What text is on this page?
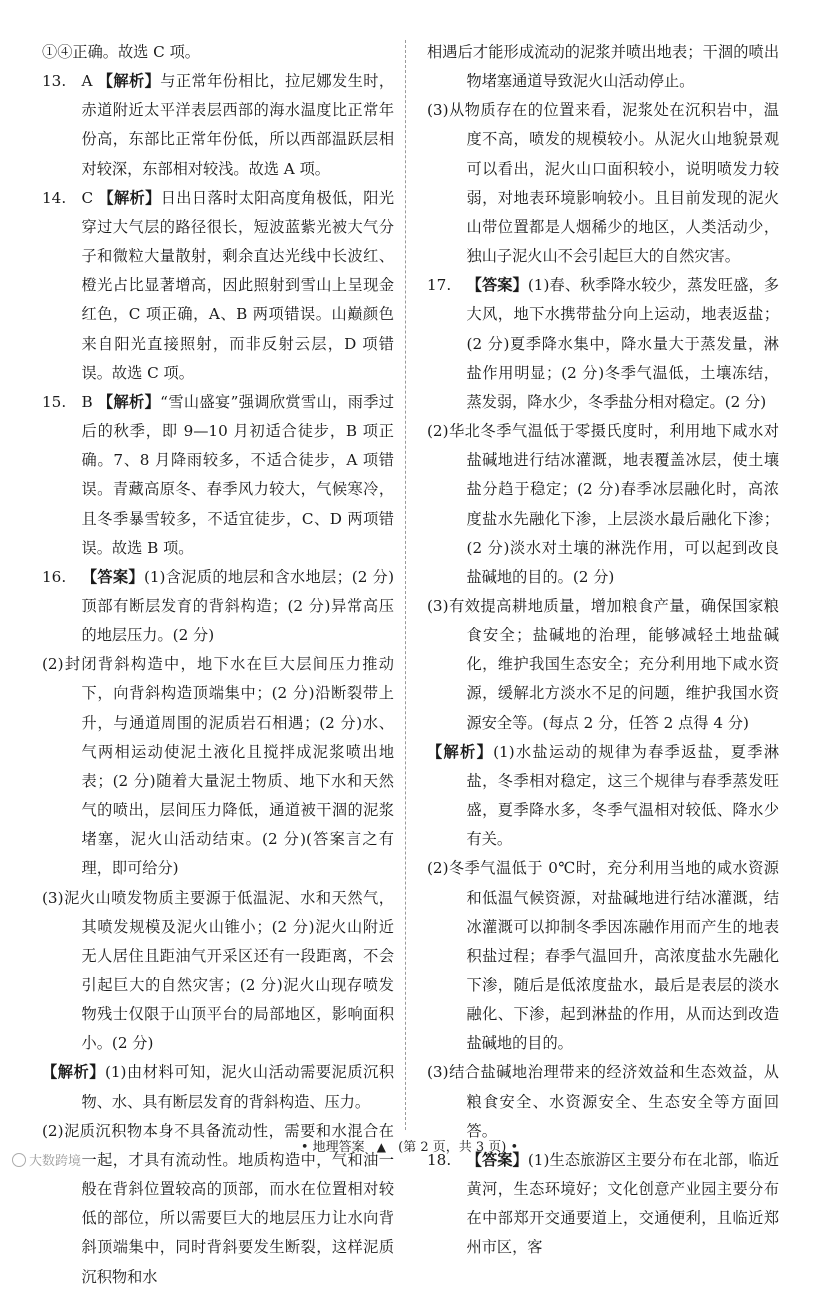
①④正确。故选 C 项。

13. A 【解析】与正常年份相比，拉尼娜发生时，赤道附近太平洋表层西部的海水温度比正常年份高，东部比正常年份低，所以西部温跃层相对较深，东部相对较浅。故选 A 项。

14. C 【解析】日出日落时太阳高度角极低，阳光穿过大气层的路径很长，短波蓝紫光被大气分子和微粒大量散射，剩余直达光线中长波红、橙光占比显著增高，因此照射到雪山上呈现金红色，C 项正确，A、B 两项错误。山巅颜色来自阳光直接照射，而非反射云层，D 项错误。故选 C 项。

15. B 【解析】“雪山盛宴”强调欣赏雪山，雨季过后的秋季，即 9—10 月初适合徒步，B 项正确。7、8 月降雨较多，不适合徒步，A 项错误。青藏高原冬、春季风力较大，气候寒冷，且冬季暴雪较多，不适宜徒步，C、D 两项错误。故选 B 项。

16. 【答案】(1)含泥质的地层和含水地层；(2 分)顶部有断层发育的背斜构造；(2 分)异常高压的地层压力。(2 分)

(2)封闭背斜构造中，地下水在巨大层间压力推动下，向背斜构造顶端集中；(2 分)沿断裂带上升，与通道周围的泥质岩石相遇；(2 分)水、气两相运动使泥土液化且搅拌成泥浆喷出地表；(2 分)随着大量泥土物质、地下水和天然气的喷出，层间压力降低，通道被干涸的泥浆堵塞，泥火山活动结束。(2 分)(答案言之有理，即可给分)

(3)泥火山喷发物质主要源于低温泥、水和天然气，其喷发规模及泥火山锥小；(2 分)泥火山附近无人居住且距油气开采区还有一段距离，不会引起巨大的自然灾害；(2 分)泥火山现存喷发物残士仅限于山顶平台的局部地区，影响面积小。(2 分)

【解析】(1)由材料可知，泥火山活动需要泥质沉积物、水、具有断层发育的背斜构造、压力。

(2)泥质沉积物本身不具备流动性，需要和水混合在一起，才具有流动性。地质构造中，气和油一般在背斜位置较高的顶部，而水在位置相对较低的部位，所以需要巨大的地层压力让水向背斜顶端集中，同时背斜要发生断裂，这样泥质沉积物和水

相遇后才能形成流动的泥浆并喷出地表；干涸的喷出物堵塞通道导致泥火山活动停止。

(3)从物质存在的位置来看，泥浆处在沉积岩中，温度不高，喷发的规模较小。从泥火山地貌景观可以看出，泥火山口面积较小，说明喷发力较弱，对地表环境影响较小。且目前发现的泥火山带位置都是人烟稀少的地区，人类活动少，独山子泥火山不会引起巨大的自然灾害。

17. 【答案】(1)春、秋季降水较少，蒸发旺盛，多大风，地下水携带盐分向上运动，地表返盐；(2 分)夏季降水集中，降水量大于蒸发量，淋盐作用明显；(2 分)冬季气温低，土壤冻结，蒸发弱，降水少，冬季盐分相对稳定。(2 分)

(2)华北冬季气温低于零摄氏度时，利用地下咸水对盐碱地进行结冰灌溉，地表覆盖冰层，使土壤盐分趋于稳定；(2 分)春季冰层融化时，高浓度盐水先融化下渗，上层淡水最后融化下渗；(2 分)淡水对土壤的淋洗作用，可以起到改良盐碱地的目的。(2 分)

(3)有效提高耕地质量，增加粮食产量，确保国家粮食安全；盐碱地的治理，能够减轻土地盐碱化，维护我国生态安全；充分利用地下咸水资源，缓解北方淡水不足的问题，维护我国水资源安全等。(每点 2 分，任答 2 点得 4 分)

【解析】(1)水盐运动的规律为春季返盐，夏季淋盐，冬季相对稳定，这三个规律与春季蒸发旺盛，夏季降水多，冬季气温相对较低、降水少有关。

(2)冬季气温低于 0℃时，充分利用当地的咸水资源和低温气候资源，对盐碱地进行结冰灌溉，结冰灌溉可以抑制冬季因冻融作用而产生的地表积盐过程；春季气温回升，高浓度盐水先融化下渗，随后是低浓度盐水，最后是表层的淡水融化、下渗，起到淋盐的作用，从而达到改造盐碱地的目的。

(3)结合盐碱地治理带来的经济效益和生态效益，从粮食安全、水资源安全、生态安全等方面回答。

18. 【答案】(1)生态旅游区主要分布在北部，临近黄河，生态环境好；文化创意产业园主要分布在中部郑开交通要道上，交通便利，且临近郑州市区，客

• 地理答案 ▲ (第 2 页，共 3 页) •
大数跨境
